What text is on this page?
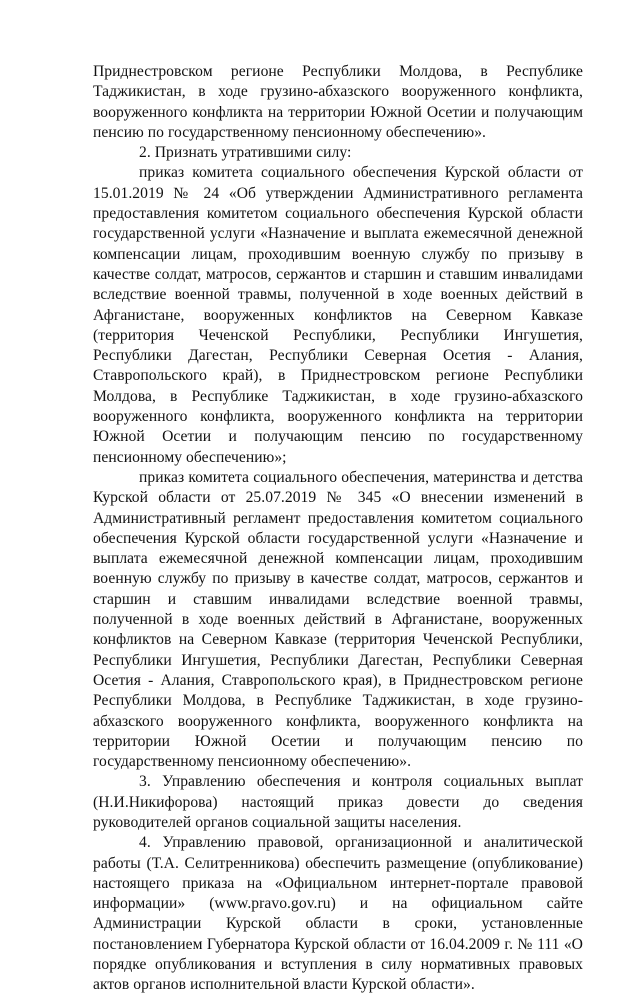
Приднестровском регионе Республики Молдова, в Республике Таджикистан, в ходе грузино-абхазского вооруженного конфликта, вооруженного конфликта на территории Южной Осетии и получающим пенсию по государственному пенсионному обеспечению».

2. Признать утратившими силу:

приказ комитета социального обеспечения Курской области от 15.01.2019 № 24 «Об утверждении Административного регламента предоставления комитетом социального обеспечения Курской области государственной услуги «Назначение и выплата ежемесячной денежной компенсации лицам, проходившим военную службу по призыву в качестве солдат, матросов, сержантов и старшин и ставшим инвалидами вследствие военной травмы, полученной в ходе военных действий в Афганистане, вооруженных конфликтов на Северном Кавказе (территория Чеченской Республики, Республики Ингушетия, Республики Дагестан, Республики Северная Осетия - Алания, Ставропольского край), в Приднестровском регионе Республики Молдова, в Республике Таджикистан, в ходе грузино-абхазского вооруженного конфликта, вооруженного конфликта на территории Южной Осетии и получающим пенсию по государственному пенсионному обеспечению»;

приказ комитета социального обеспечения, материнства и детства Курской области от 25.07.2019 № 345 «О внесении изменений в Административный регламент предоставления комитетом социального обеспечения Курской области государственной услуги «Назначение и выплата ежемесячной денежной компенсации лицам, проходившим военную службу по призыву в качестве солдат, матросов, сержантов и старшин и ставшим инвалидами вследствие военной травмы, полученной в ходе военных действий в Афганистане, вооруженных конфликтов на Северном Кавказе (территория Чеченской Республики, Республики Ингушетия, Республики Дагестан, Республики Северная Осетия - Алания, Ставропольского края), в Приднестровском регионе Республики Молдова, в Республике Таджикистан, в ходе грузино-абхазского вооруженного конфликта, вооруженного конфликта на территории Южной Осетии и получающим пенсию по государственному пенсионному обеспечению».

3. Управлению обеспечения и контроля социальных выплат (Н.И.Никифорова) настоящий приказ довести до сведения руководителей органов социальной защиты населения.

4. Управлению правовой, организационной и аналитической работы (Т.А. Селитренникова) обеспечить размещение (опубликование) настоящего приказа на «Официальном интернет-портале правовой информации» (www.pravo.gov.ru) и на официальном сайте Администрации Курской области в сроки, установленные постановлением Губернатора Курской области от 16.04.2009 г. № 111 «О порядке опубликования и вступления в силу нормативных правовых актов органов исполнительной власти Курской области».
